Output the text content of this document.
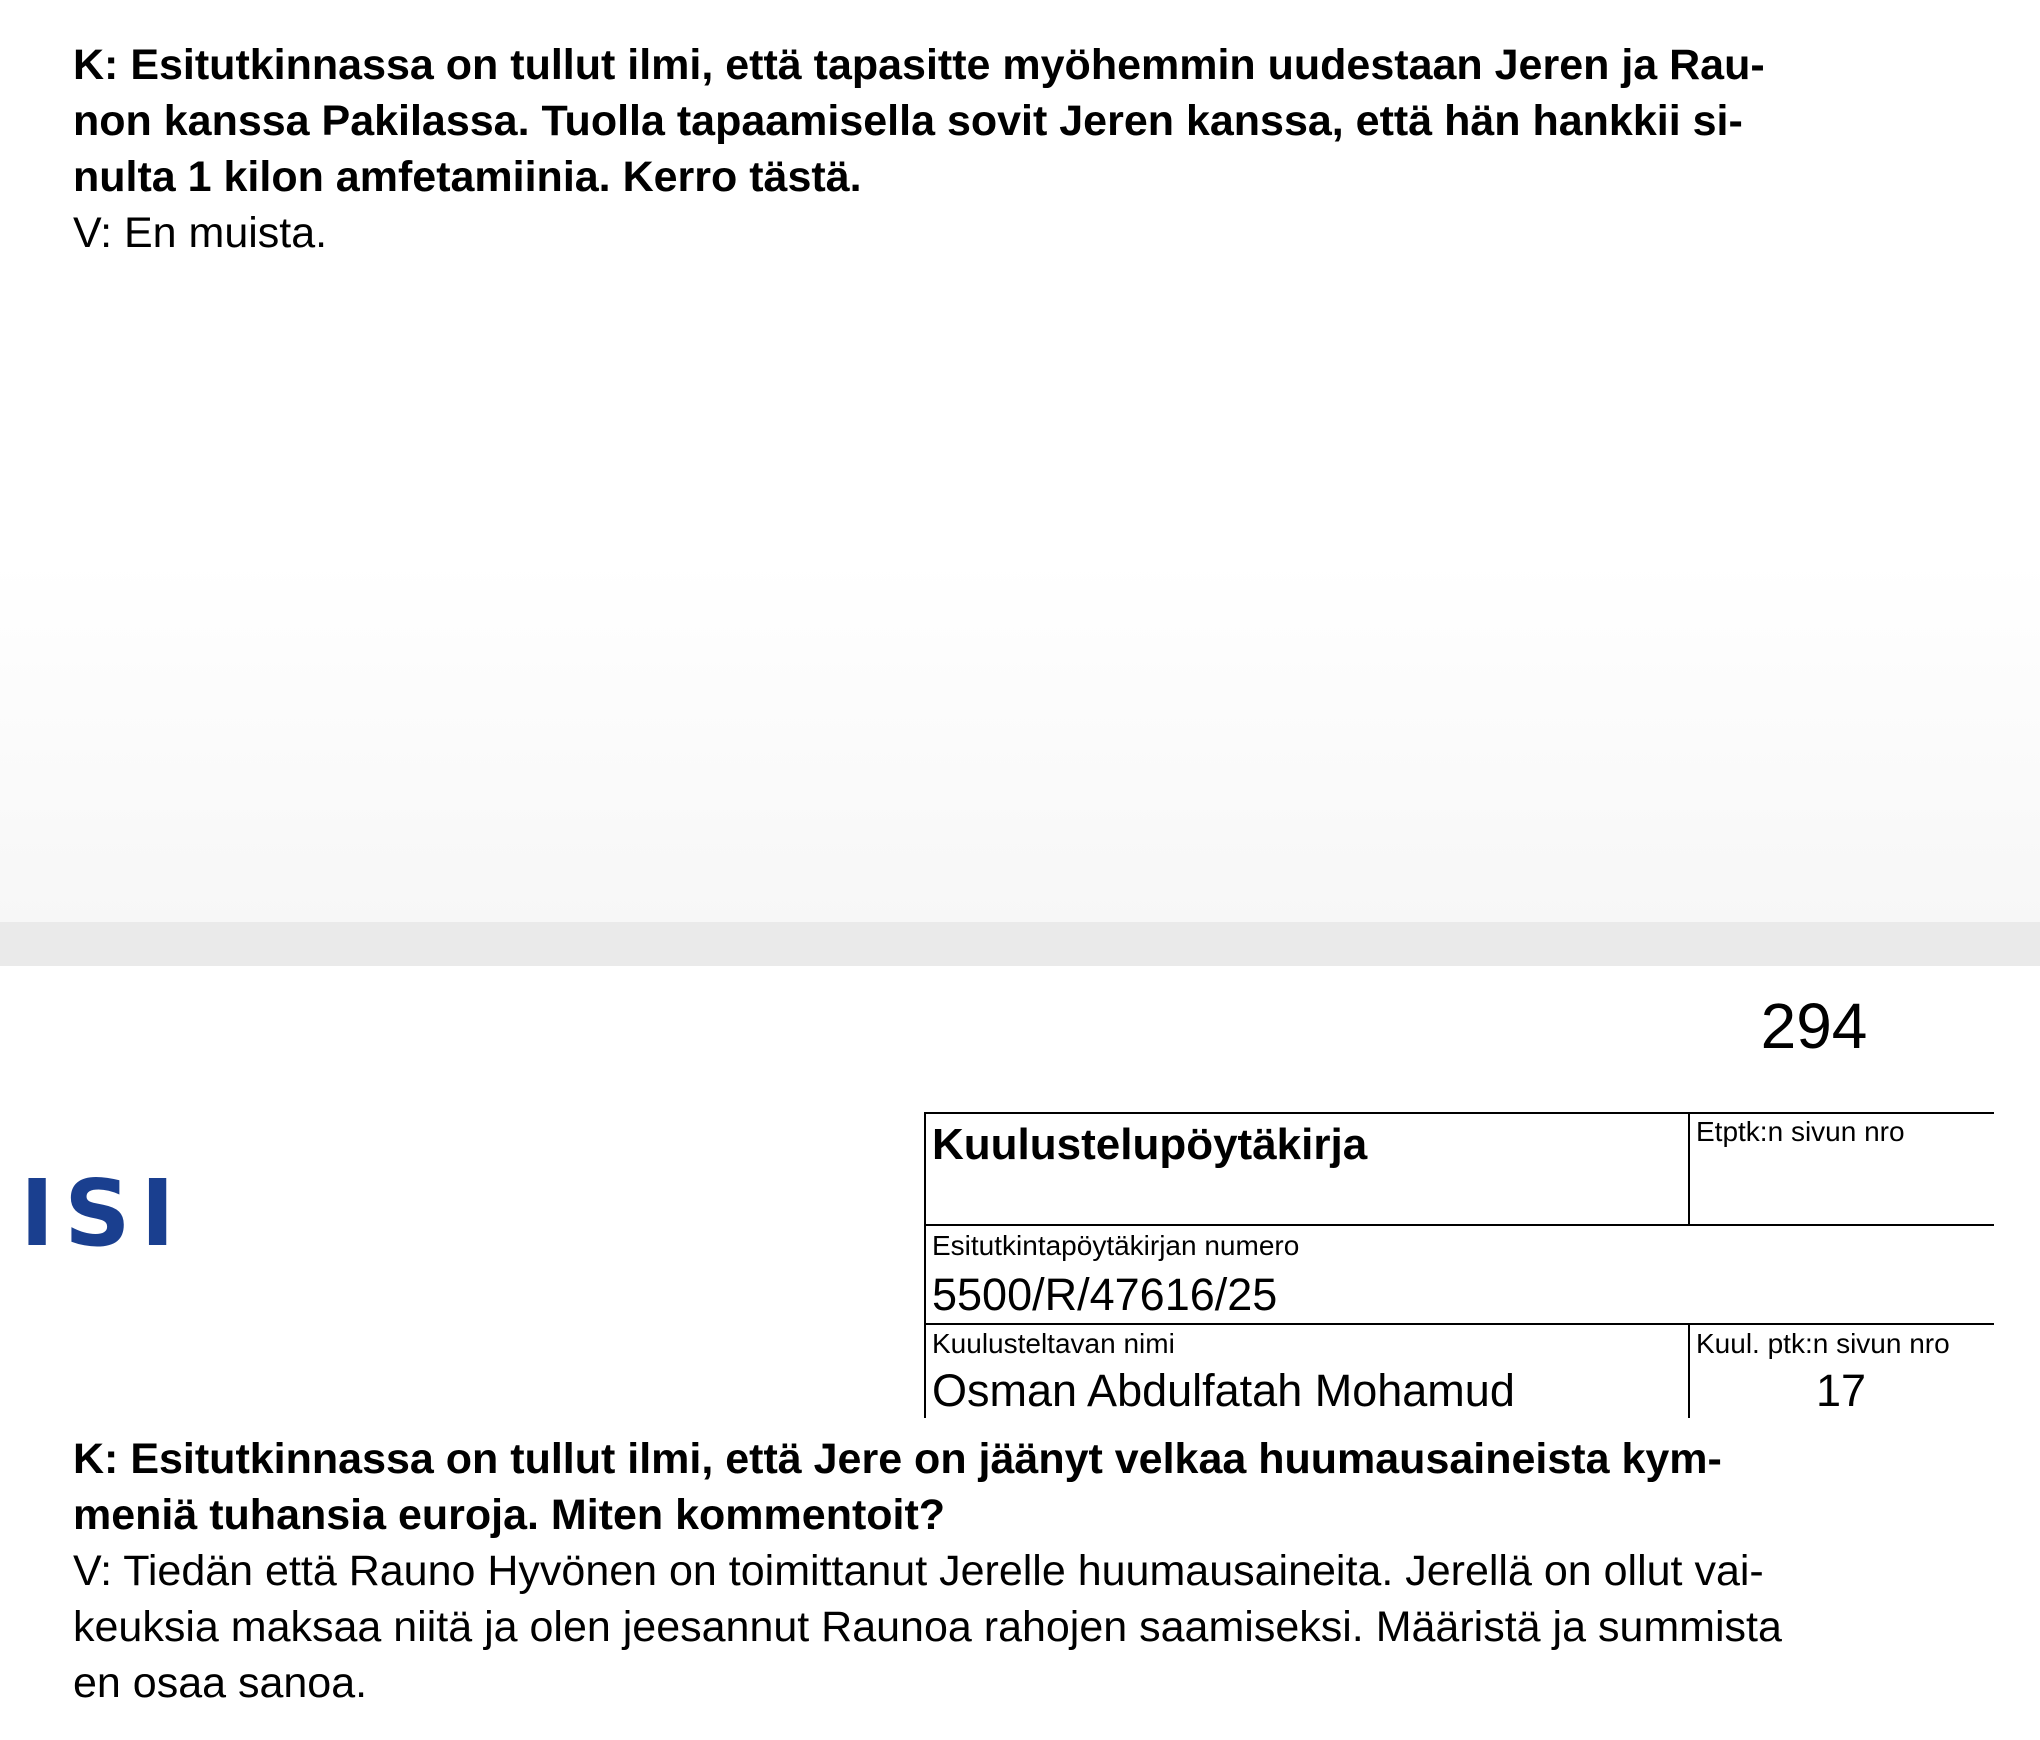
K: Esitutkinnassa on tullut ilmi, että tapasitte myöhemmin uudestaan Jeren ja Rau-

non kanssa Pakilassa. Tuolla tapaamisella sovit Jeren kanssa, että hän hankkii si-

nulta 1 kilon amfetamiinia. Kerro tästä.

V: En muista.

294
ISI
Kuulustelupöytäkirja	Etptk:n sivun nro
Esitutkintapöytäkirjan numero
5500/R/47616/25
Kuulusteltavan nimi
Osman Abdulfatah Mohamud
Kuul. ptk:n sivun nro
17

K: Esitutkinnassa on tullut ilmi, että Jere on jäänyt velkaa huumausaineista kym-

meniä tuhansia euroja. Miten kommentoit?

V: Tiedän että Rauno Hyvönen on toimittanut Jerelle huumausaineita. Jerellä on ollut vai-

keuksia maksaa niitä ja olen jeesannut Raunoa rahojen saamiseksi. Määristä ja summista

en osaa sanoa.
